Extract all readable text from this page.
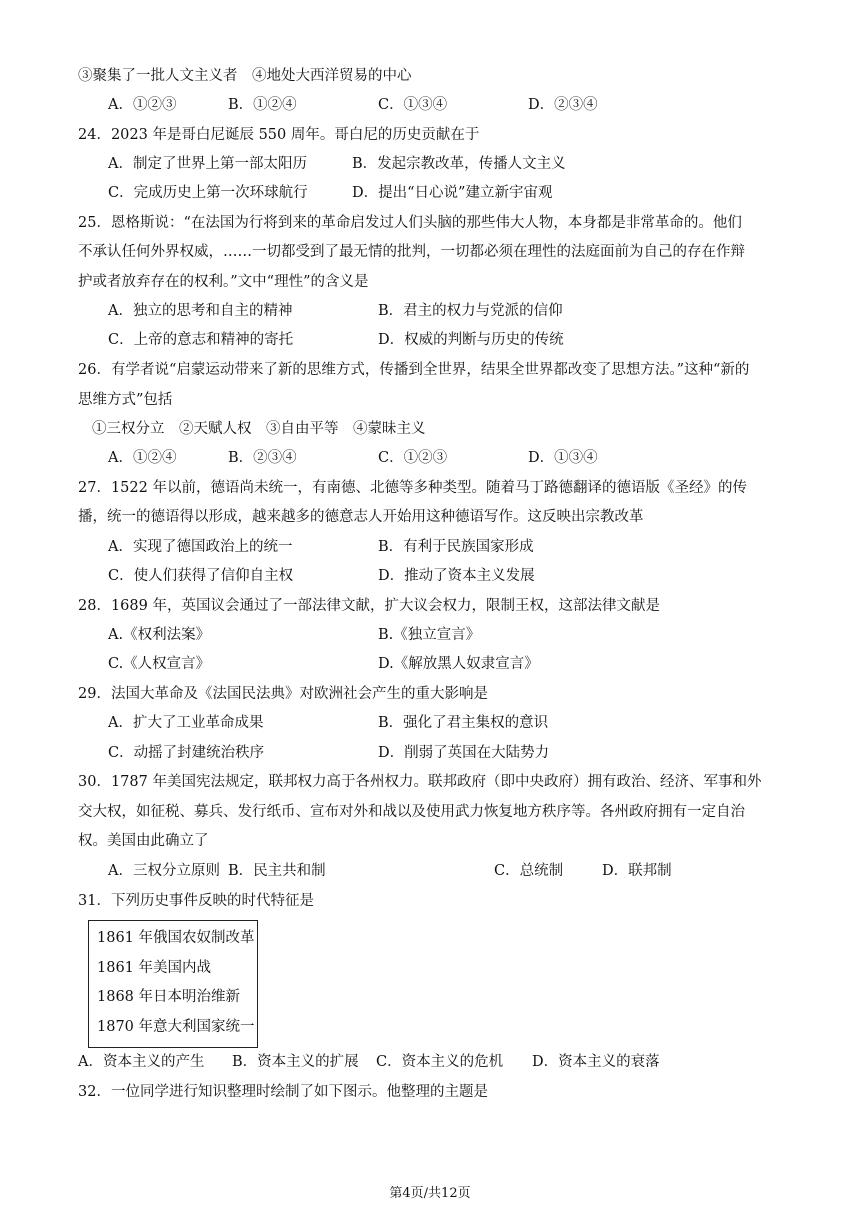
③聚集了一批人文主义者　④地处大西洋贸易的中心
A．①②③	B．①②④	C．①③④	D．②③④
24．2023 年是哥白尼诞辰 550 周年。哥白尼的历史贡献在于
A．制定了世界上第一部太阳历	B．发起宗教改革，传播人文主义
C．完成历史上第一次环球航行	D．提出“日心说”建立新宇宙观
25．恩格斯说：“在法国为行将到来的革命启发过人们头脑的那些伟大人物，本身都是非常革命的。他们
不承认任何外界权威，……一切都受到了最无情的批判，一切都必须在理性的法庭面前为自己的存在作辩
护或者放弃存在的权利。”文中“理性”的含义是
A．独立的思考和自主的精神	B．君主的权力与党派的信仰
C．上帝的意志和精神的寄托	D．权威的判断与历史的传统
26．有学者说“启蒙运动带来了新的思维方式，传播到全世界，结果全世界都改变了思想方法。”这种“新的
思维方式”包括
①三权分立　②天赋人权　③自由平等　④蒙昧主义
A．①②④	B．②③④	C．①②③	D．①③④
27．1522 年以前，德语尚未统一，有南德、北德等多种类型。随着马丁路德翻译的德语版《圣经》的传
播，统一的德语得以形成，越来越多的德意志人开始用这种德语写作。这反映出宗教改革
A．实现了德国政治上的统一	B．有利于民族国家形成
C．使人们获得了信仰自主权	D．推动了资本主义发展
28．1689 年，英国议会通过了一部法律文献，扩大议会权力，限制王权，这部法律文献是
A.《权利法案》	B.《独立宣言》
C.《人权宣言》	D.《解放黑人奴隶宣言》
29．法国大革命及《法国民法典》对欧洲社会产生的重大影响是
A．扩大了工业革命成果	B．强化了君主集权的意识
C．动摇了封建统治秩序	D．削弱了英国在大陆势力
30．1787 年美国宪法规定，联邦权力高于各州权力。联邦政府（即中央政府）拥有政治、经济、军事和外
交大权，如征税、募兵、发行纸币、宣布对外和战以及使用武力恢复地方秩序等。各州政府拥有一定自治
权。美国由此确立了
A．三权分立原则 B．民主共和制	C．总统制	D．联邦制
31．下列历史事件反映的时代特征是
1861 年俄国农奴制改革
1861 年美国内战
1868 年日本明治维新
1870 年意大利国家统一
A．资本主义的产生 B．资本主义的扩展 C．资本主义的危机 D．资本主义的衰落
32．一位同学进行知识整理时绘制了如下图示。他整理的主题是
第4页/共12页
